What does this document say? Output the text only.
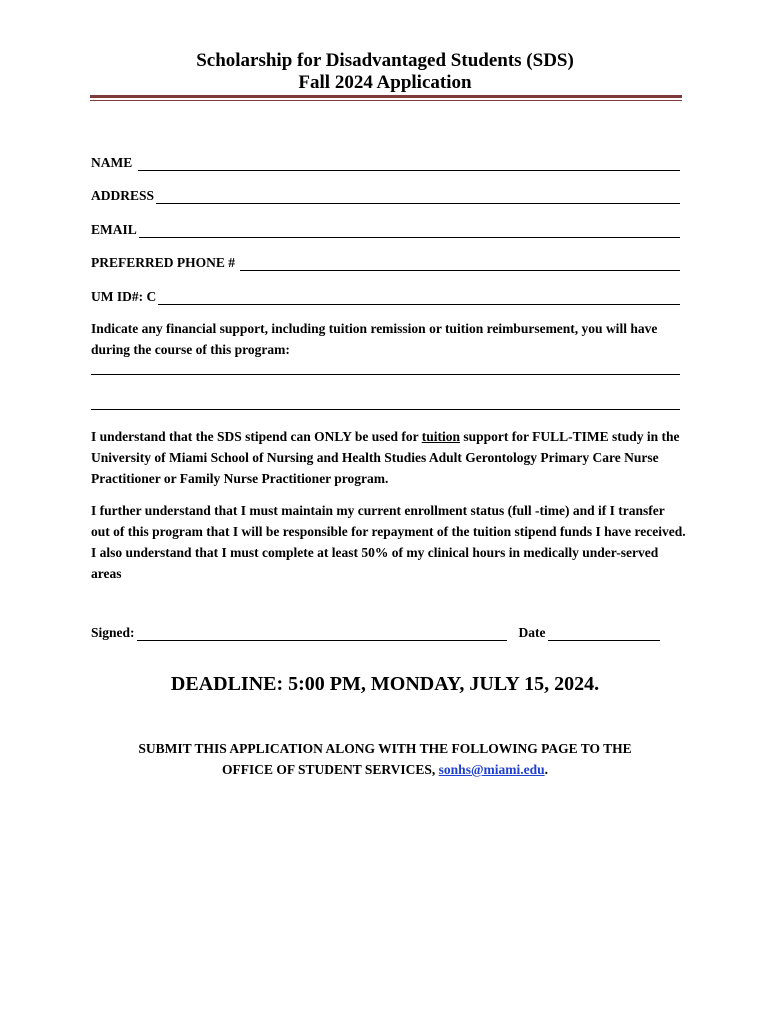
Scholarship for Disadvantaged Students (SDS)
Fall 2024 Application
NAME
ADDRESS
EMAIL
PREFERRED PHONE #
UM ID#: C
Indicate any financial support, including tuition remission or tuition reimbursement, you will have during the course of this program:
I understand that the SDS stipend can ONLY be used for tuition support for FULL-TIME study in the University of Miami School of Nursing and Health Studies Adult Gerontology Primary Care Nurse Practitioner or Family Nurse Practitioner program.
I further understand that I must maintain my current enrollment status (full -time) and if I transfer out of this program that I will be responsible for repayment of the tuition stipend funds I have received. I also understand that I must complete at least 50% of my clinical hours in medically under-served areas
Signed:	Date
DEADLINE: 5:00 PM, MONDAY, JULY 15, 2024.
SUBMIT THIS APPLICATION ALONG WITH THE FOLLOWING PAGE TO THE
OFFICE OF STUDENT SERVICES, sonhs@miami.edu.
